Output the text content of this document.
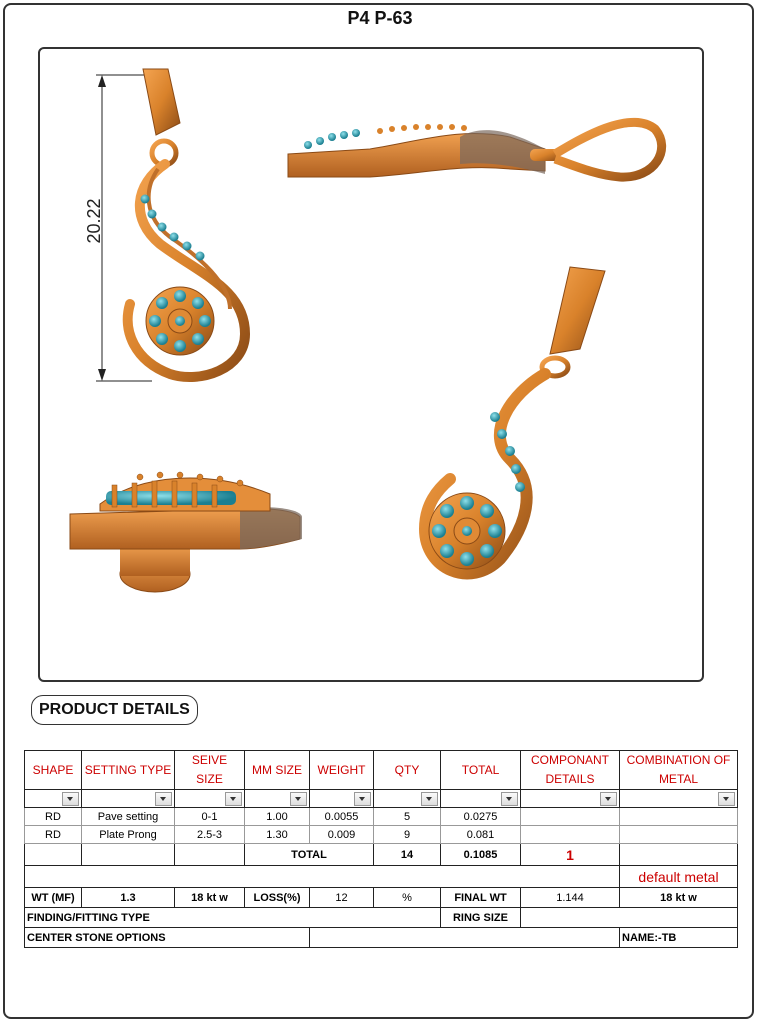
P4 P-63
20.22
PRODUCT DETAILS
SHAPE	SETTING TYPE	SEIVE SIZE	MM SIZE	WEIGHT	QTY	TOTAL	COMPONANT DETAILS	COMBINATION OF METAL

RD	Pave setting	0-1	1.00	0.0055	5	0.0275		
RD	Plate Prong	2.5-3	1.30	0.009	9	0.081		
			TOTAL		14	0.1085	1	
								default metal
WT (MF)	1.3	18 kt w	LOSS(%)	12	%	FINAL WT	1.144	18 kt w
FINDING/FITTING TYPE						RING SIZE		
CENTER STONE OPTIONS								NAME:-TB
